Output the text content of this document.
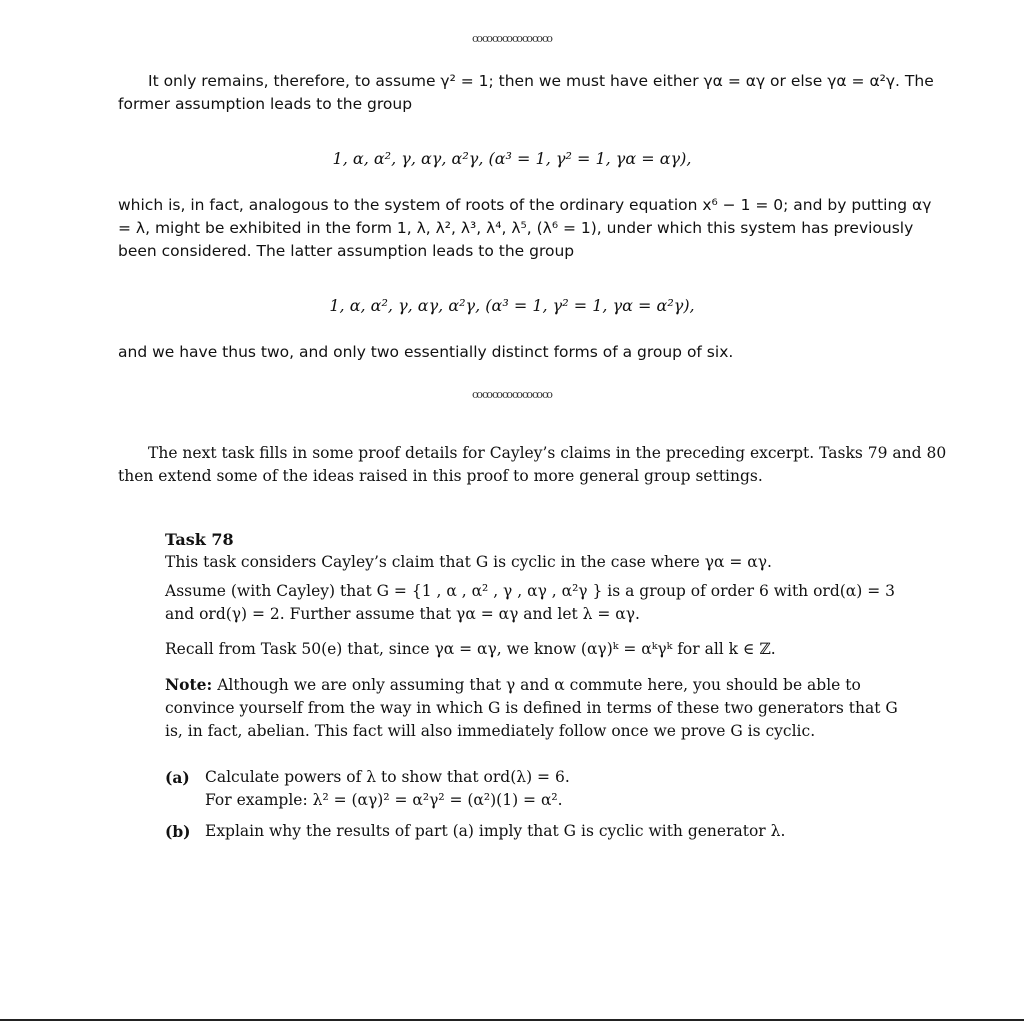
ꝏꝏꝏꝏꝏꝏꝏꝏ

It only remains, therefore, to assume γ² = 1; then we must have either γα = αγ or else γα = α²γ. The former assumption leads to the group

1, α, α², γ, αγ, α²γ, (α³ = 1, γ² = 1, γα = αγ),

which is, in fact, analogous to the system of roots of the ordinary equation x⁶ − 1 = 0; and by putting αγ = λ, might be exhibited in the form 1, λ, λ², λ³, λ⁴, λ⁵, (λ⁶ = 1), under which this system has previously been considered. The latter assumption leads to the group

1, α, α², γ, αγ, α²γ, (α³ = 1, γ² = 1, γα = α²γ),

and we have thus two, and only two essentially distinct forms of a group of six.

ꝏꝏꝏꝏꝏꝏꝏꝏ

The next task fills in some proof details for Cayley’s claims in the preceding excerpt. Tasks 79 and 80 then extend some of the ideas raised in this proof to more general group settings.

Task 78

This task considers Cayley’s claim that G is cyclic in the case where γα = αγ.

Assume (with Cayley) that G = {1 , α , α² , γ , αγ , α²γ } is a group of order 6 with ord(α) = 3 and ord(γ) = 2. Further assume that γα = αγ and let λ = αγ.

Recall from Task 50(e) that, since γα = αγ, we know (αγ)ᵏ = αᵏγᵏ for all k ∈ ℤ.

Note: Although we are only assuming that γ and α commute here, you should be able to convince yourself from the way in which G is defined in terms of these two generators that G is, in fact, abelian. This fact will also immediately follow once we prove G is cyclic.

(a) Calculate powers of λ to show that ord(λ) = 6.
For example: λ² = (αγ)² = α²γ² = (α²)(1) = α².
(b) Explain why the results of part (a) imply that G is cyclic with generator λ.
